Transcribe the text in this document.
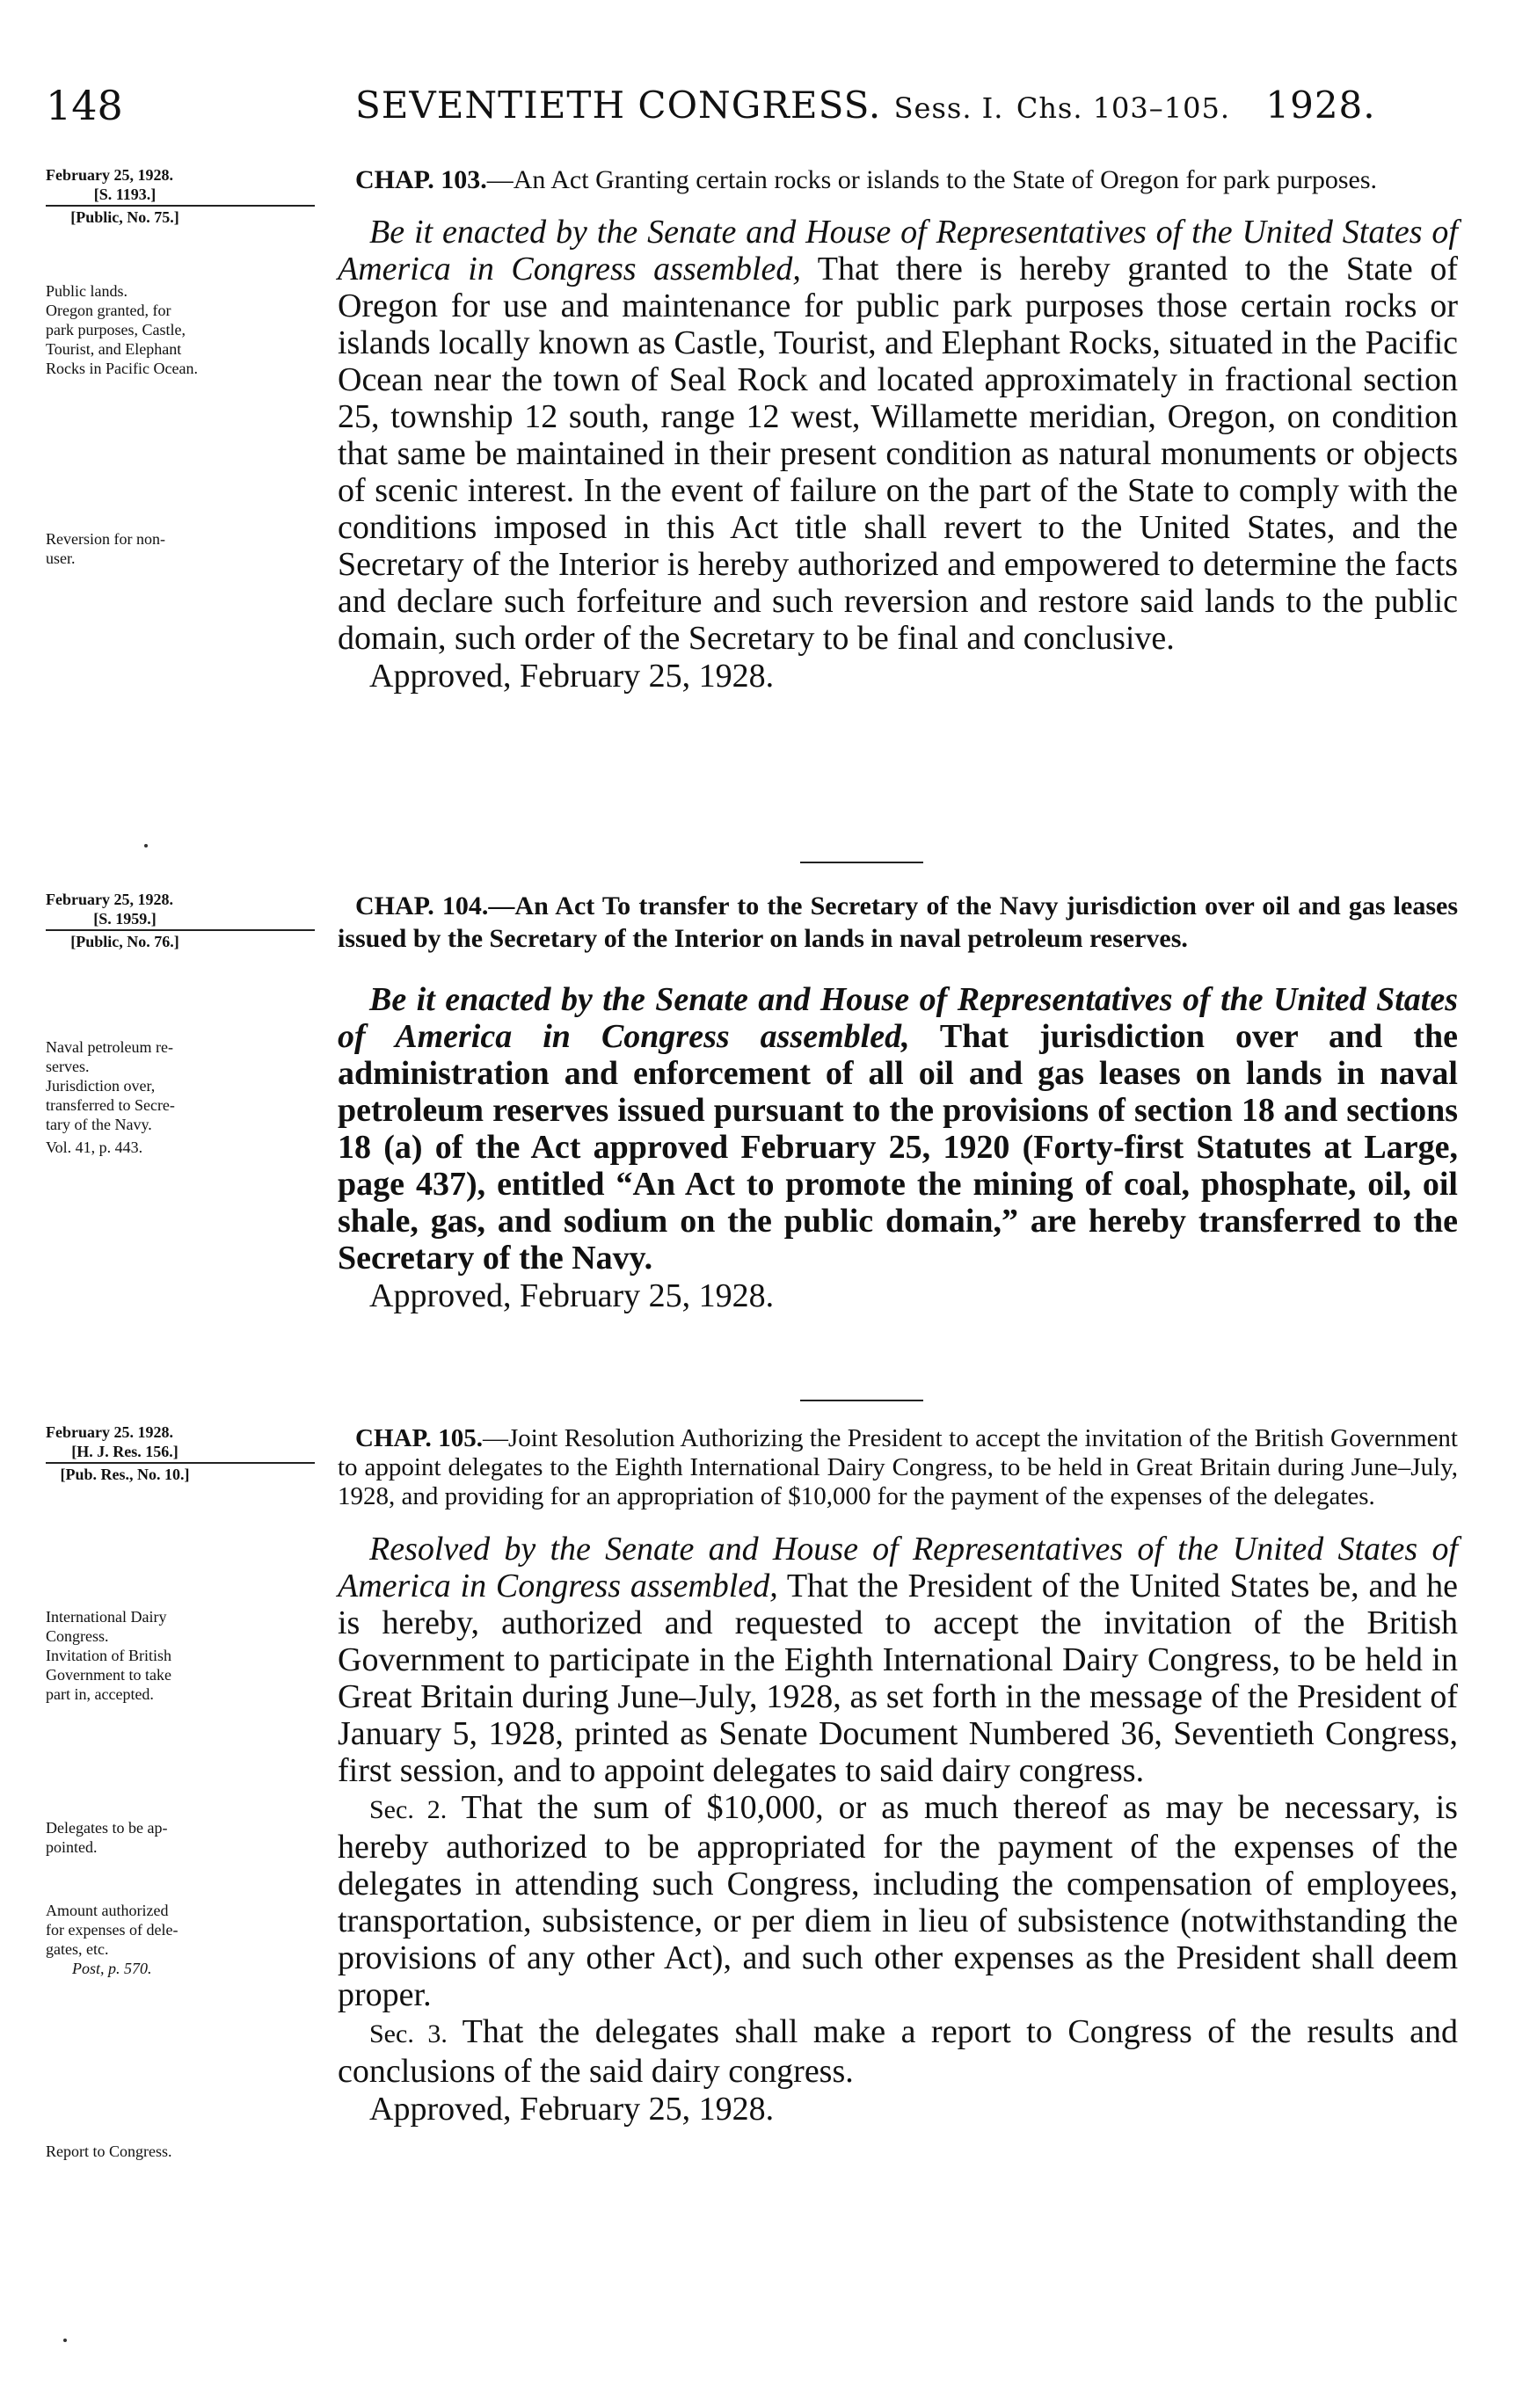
148	SEVENTIETH CONGRESS. Sess. I. Chs. 103–105. 1928.
February 25, 1928.
[S. 1193.]
[Public, No. 75.]
Public lands.
Oregon granted, for
park purposes, Castle,
Tourist, and Elephant
Rocks in Pacific Ocean.
Reversion for non-
user.
CHAP. 103.—An Act Granting certain rocks or islands to the State of Oregon for park purposes.
Be it enacted by the Senate and House of Representatives of the United States of America in Congress assembled, That there is hereby granted to the State of Oregon for use and maintenance for public park purposes those certain rocks or islands locally known as Castle, Tourist, and Elephant Rocks, situated in the Pacific Ocean near the town of Seal Rock and located approximately in fractional section 25, township 12 south, range 12 west, Willamette meridian, Oregon, on condition that same be maintained in their present condition as natural monuments or objects of scenic interest. In the event of failure on the part of the State to comply with the conditions imposed in this Act title shall revert to the United States, and the Secretary of the Interior is hereby authorized and empowered to determine the facts and declare such forfeiture and such reversion and restore said lands to the public domain, such order of the Secretary to be final and conclusive.
Approved, February 25, 1928.
February 25, 1928.
[S. 1959.]
[Public, No. 76.]
Naval petroleum re-
serves.
Jurisdiction over,
transferred to Secre-
tary of the Navy.
Vol. 41, p. 443.
CHAP. 104.—An Act To transfer to the Secretary of the Navy jurisdiction over oil and gas leases issued by the Secretary of the Interior on lands in naval petroleum reserves.
Be it enacted by the Senate and House of Representatives of the United States of America in Congress assembled, That jurisdiction over and the administration and enforcement of all oil and gas leases on lands in naval petroleum reserves issued pursuant to the provisions of section 18 and sections 18 (a) of the Act approved February 25, 1920 (Forty-first Statutes at Large, page 437), entitled “An Act to promote the mining of coal, phosphate, oil, oil shale, gas, and sodium on the public domain,” are hereby transferred to the Secretary of the Navy.
Approved, February 25, 1928.
February 25. 1928.
[H. J. Res. 156.]
[Pub. Res., No. 10.]
International Dairy
Congress.
Invitation of British
Government to take
part in, accepted.
Delegates to be ap-
pointed.
Amount authorized
for expenses of dele-
gates, etc.
Post, p. 570.
Report to Congress.
CHAP. 105.—Joint Resolution Authorizing the President to accept the invitation of the British Government to appoint delegates to the Eighth International Dairy Congress, to be held in Great Britain during June–July, 1928, and providing for an appropriation of $10,000 for the payment of the expenses of the delegates.
Resolved by the Senate and House of Representatives of the United States of America in Congress assembled, That the President of the United States be, and he is hereby, authorized and requested to accept the invitation of the British Government to participate in the Eighth International Dairy Congress, to be held in Great Britain during June–July, 1928, as set forth in the message of the President of January 5, 1928, printed as Senate Document Numbered 36, Seventieth Congress, first session, and to appoint delegates to said dairy congress.
Sec. 2. That the sum of $10,000, or as much thereof as may be necessary, is hereby authorized to be appropriated for the payment of the expenses of the delegates in attending such Congress, including the compensation of employees, transportation, subsistence, or per diem in lieu of subsistence (notwithstanding the provisions of any other Act), and such other expenses as the President shall deem proper.
Sec. 3. That the delegates shall make a report to Congress of the results and conclusions of the said dairy congress.
Approved, February 25, 1928.
